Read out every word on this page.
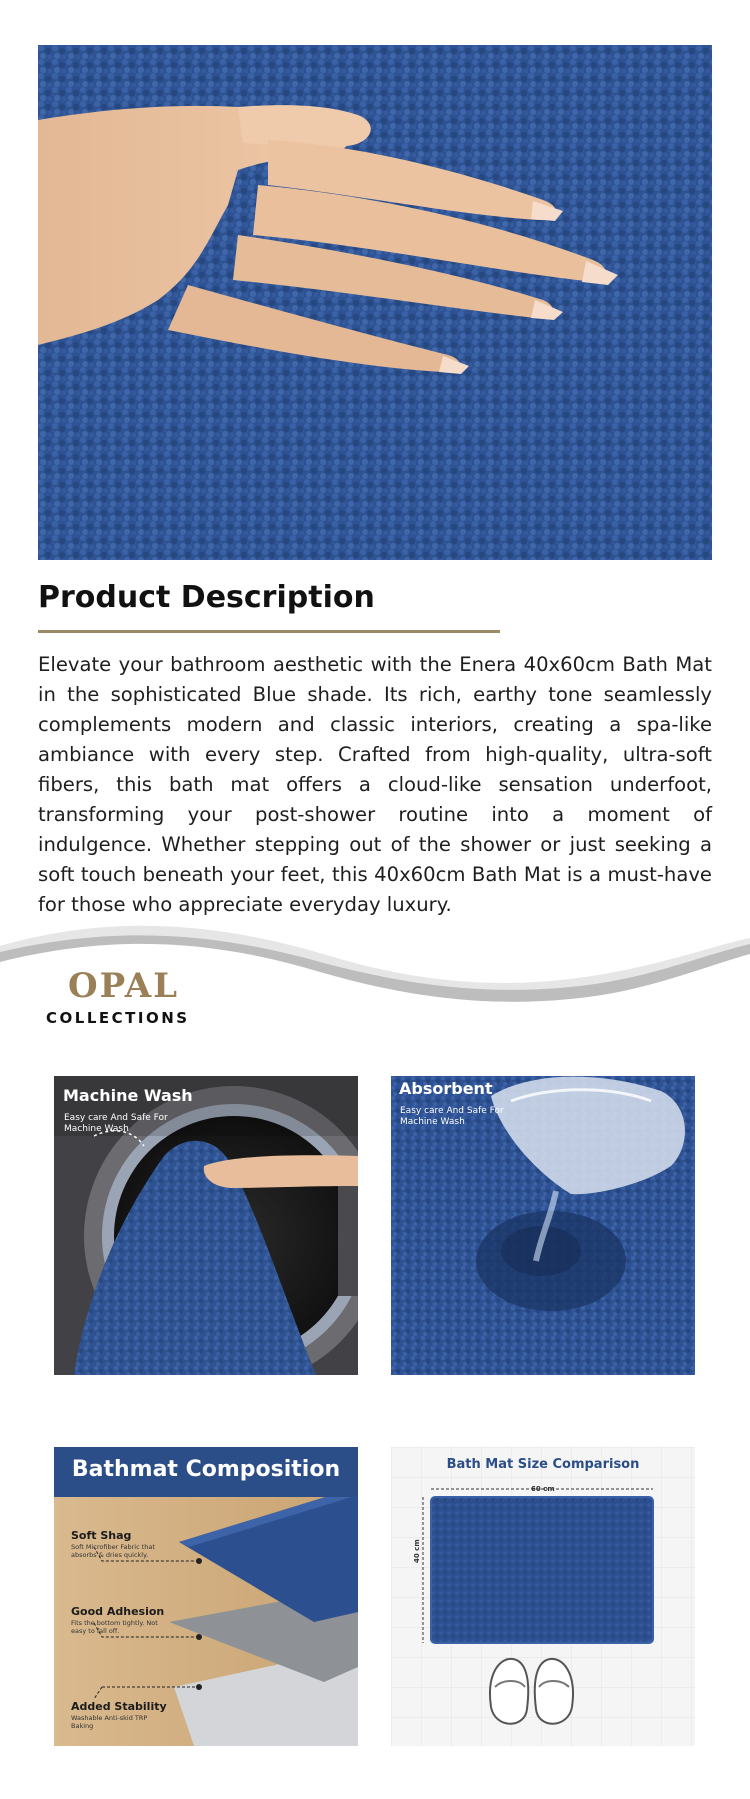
Product Description

Elevate your bathroom aesthetic with the Enera 40x60cm Bath Mat in the sophisticated Blue shade. Its rich, earthy tone seamlessly complements modern and classic interiors, creating a spa-like ambiance with every step. Crafted from high-quality, ultra-soft fibers, this bath mat offers a cloud-like sensation underfoot, transforming your post-shower routine into a moment of indulgence. Whether stepping out of the shower or just seeking a soft touch beneath your feet, this 40x60cm Bath Mat is a must-have for those who appreciate everyday luxury.

OPAL
COLLECTIONS
Machine Wash
Easy care And Safe For Machine Wash
Absorbent
Easy care And Safe For Machine Wash
Bathmat Composition
Soft Shag
Soft Microfiber Fabric that absorbs & dries quickly.
Good Adhesion
Fits the bottom tightly. Not easy to fall off.
Added Stability
Washable Anti-skid TRP Baking
Bath Mat Size Comparison
60 cm
40 cm
